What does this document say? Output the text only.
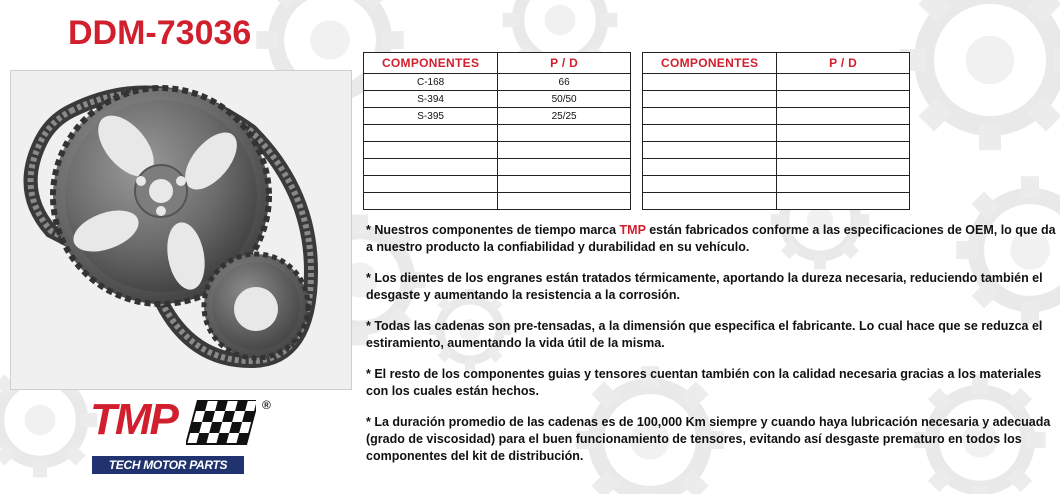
DDM-73036
TMP	®
TECH MOTOR PARTS
COMPONENTES	P / D
C-168	66
S-394	50/50
S-395	25/25

COMPONENTES	P / D

* Nuestros componentes de tiempo marca TMP están fabricados conforme a las especificaciones de OEM, lo que da a nuestro producto la confiabilidad y durabilidad en su vehículo.

* Los dientes de los engranes están tratados térmicamente, aportando la dureza necesaria, reduciendo también el desgaste y aumentando la resistencia a la corrosión.

* Todas las cadenas son pre-tensadas, a la dimensión que especifica el fabricante. Lo cual hace que se reduzca el estiramiento, aumentando la vida útil de la misma.

* El resto de los componentes guias y tensores cuentan también con la calidad necesaria gracias a los materiales con los cuales están hechos.

* La duración promedio de las cadenas es de 100,000 Km siempre y cuando haya lubricación necesaria y adecuada (grado de viscosidad) para el buen funcionamiento de tensores, evitando así desgaste prematuro en todos los componentes del kit de distribución.
